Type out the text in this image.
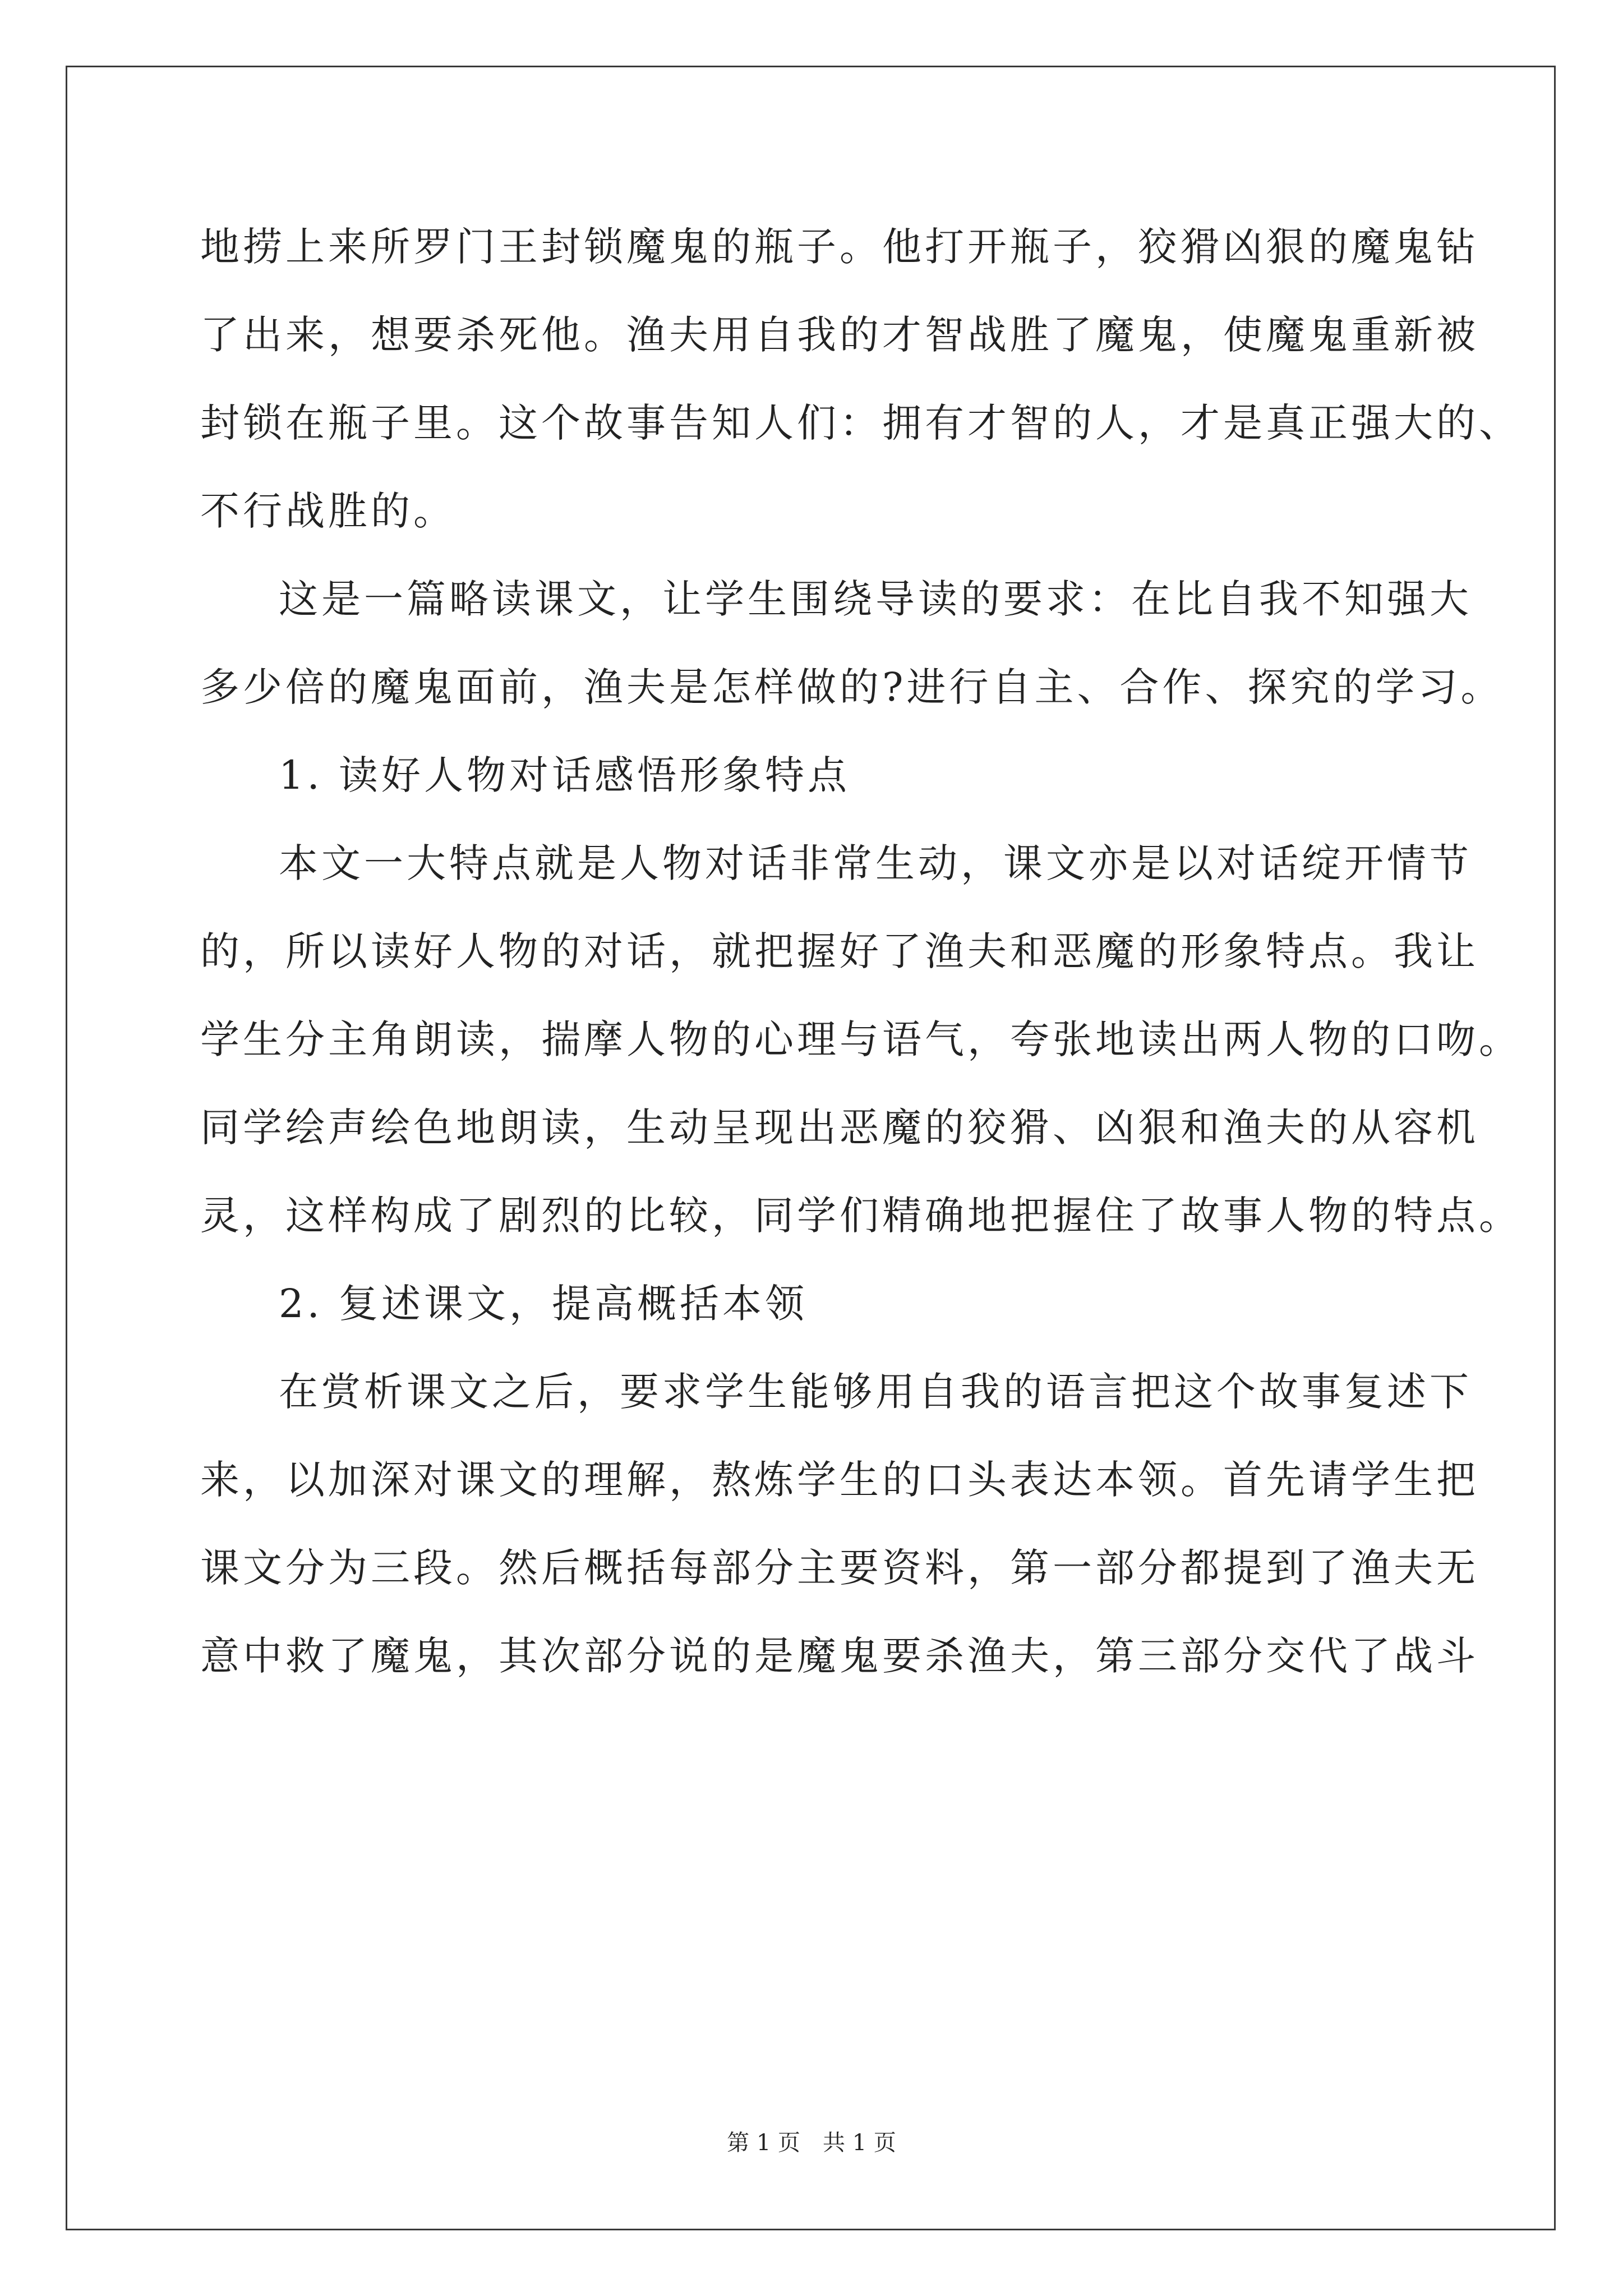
地捞上来所罗门王封锁魔鬼的瓶子。他打开瓶子，狡猾凶狠的魔鬼钻
了出来，想要杀死他。渔夫用自我的才智战胜了魔鬼，使魔鬼重新被
封锁在瓶子里。这个故事告知人们：拥有才智的人，才是真正强大的、
不行战胜的。
这是一篇略读课文，让学生围绕导读的要求：在比自我不知强大
多少倍的魔鬼面前，渔夫是怎样做的?进行自主、合作、探究的学习。
1. 读好人物对话感悟形象特点
本文一大特点就是人物对话非常生动，课文亦是以对话绽开情节
的，所以读好人物的对话，就把握好了渔夫和恶魔的形象特点。我让
学生分主角朗读，揣摩人物的心理与语气，夸张地读出两人物的口吻。
同学绘声绘色地朗读，生动呈现出恶魔的狡猾、凶狠和渔夫的从容机
灵，这样构成了剧烈的比较，同学们精确地把握住了故事人物的特点。
2. 复述课文，提高概括本领
在赏析课文之后，要求学生能够用自我的语言把这个故事复述下
来，以加深对课文的理解，熬炼学生的口头表达本领。首先请学生把
课文分为三段。然后概括每部分主要资料，第一部分都提到了渔夫无
意中救了魔鬼，其次部分说的是魔鬼要杀渔夫，第三部分交代了战斗
第 1 页　共 1 页
